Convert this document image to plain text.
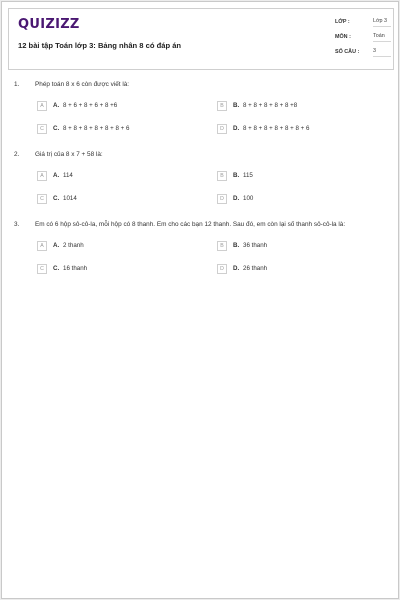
QUIZIZZ
12 bài tập Toán lớp 3: Bảng nhân 8 có đáp án
LỚP :	Lớp 3
MÔN :	Toán
SỐ CÂU :	3
1. Phép toán 8 x 6 còn được viết là:
A	A. 8 + 6 + 8 + 6 + 8 +6	B	B. 8 + 8 + 8 + 8 + 8 +8
C	C. 8 + 8 + 8 + 8 + 8 + 8 + 6	D	D. 8 + 8 + 8 + 8 + 8 + 8 + 6
2. Giá trị của 8 x 7 + 58 là:
A	A. 114	B	B. 115
C	C. 1014	D	D. 100
3. Em có 6 hộp sô-cô-la, mỗi hộp có 8 thanh. Em cho các bạn 12 thanh. Sau đó, em còn lại số thanh sô-cô-la là:
A	A. 2 thanh	B	B. 36 thanh
C	C. 16 thanh	D	D. 26 thanh
